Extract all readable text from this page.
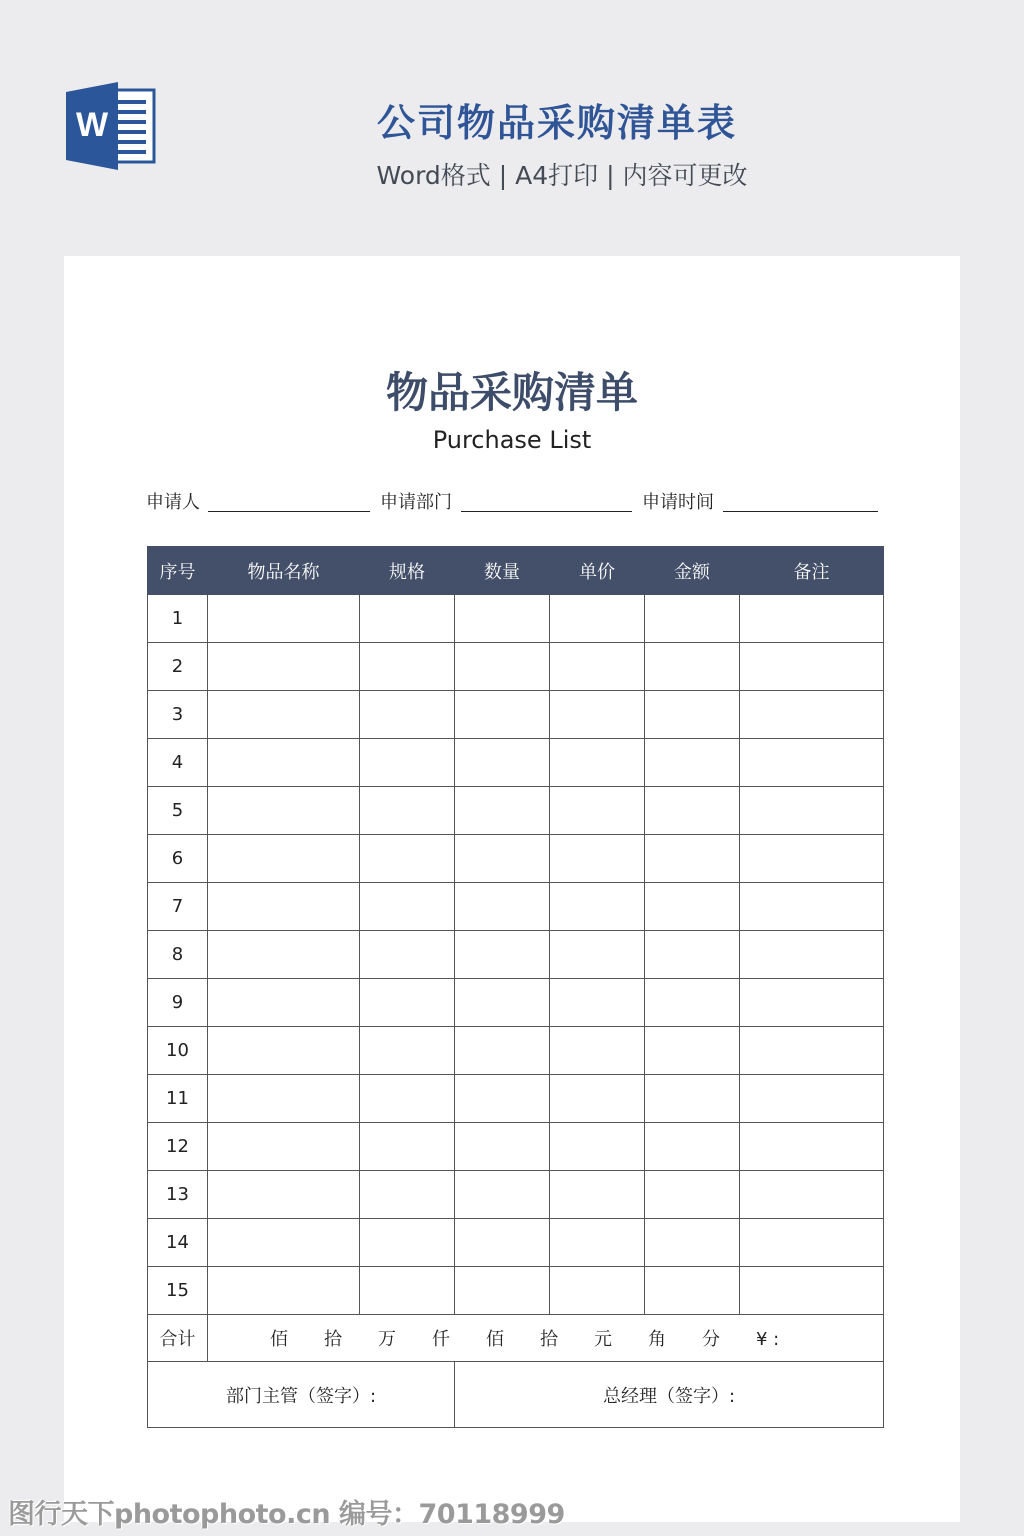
W	公司物品采购清单表
Word格式 | A4打印 | 内容可更改
物品采购清单
Purchase List
申请人	申请部门	申请时间
序号	物品名称	规格	数量	单价	金额	备注
1						
2						
3						
4						
5						
6						
7						
8						
9						
10						
11						
12						
13						
14						
15						
合计	佰 拾 万 仟 佰 拾 元 角 分 ¥ :					
部门主管（签字）:			总经理（签字）:			
图行天下photophoto.cn 编号：70118999
